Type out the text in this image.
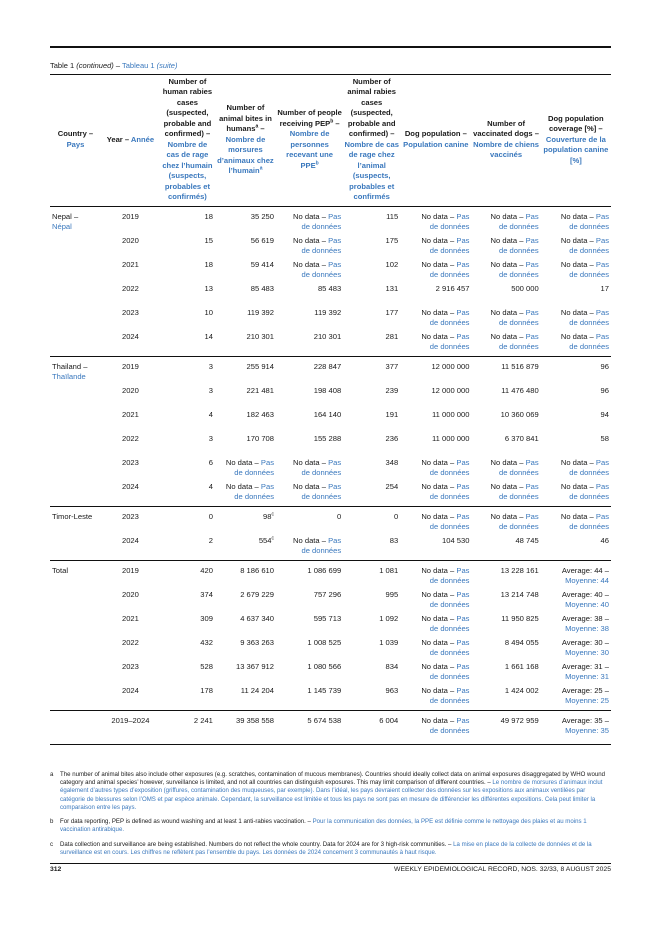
Table 1 (continued) – Tableau 1 (suite)
Country –
Pays	Year – Année	Number of human rabies cases (suspected, probable and confirmed) – Nombre de cas de rage chez l’humain (suspects, probables et confirmés)	Number of animal bites in humans$^a$ – Nombre de morsures d’animaux chez l’humain$^a$	Number of people receiving PEP$^b$ – Nombre de personnes recevant une PPE$^b$	Number of animal rabies cases (suspected, probable and confirmed) – Nombre de cas de rage chez l’animal (suspects, probables et confirmés	Dog population – Population canine	Number of vaccinated dogs – Nombre de chiens vaccinés	Dog population coverage [%] – Couverture de la population canine [%]
Nepal – Népal	2019	18	35 250	No data – Pas
de données	115	No data – Pas
de données	No data – Pas
de données	No data – Pas
de données
	2020	15	56 619	No data – Pas
de données	175	No data – Pas
de données	No data – Pas
de données	No data – Pas
de données
	2021	18	59 414	No data – Pas
de données	102	No data – Pas
de données	No data – Pas
de données	No data – Pas
de données
	2022	13	85 483	85 483	131	2 916 457	500 000	17
	2023	10	119 392	119 392	177	No data – Pas
de données	No data – Pas
de données	No data – Pas
de données
	2024	14	210 301	210 301	281	No data – Pas
de données	No data – Pas
de données	No data – Pas
de données
Thailand – Thaïlande	2019	3	255 914	228 847	377	12 000 000	11 516 879	96
	2020	3	221 481	198 408	239	12 000 000	11 476 480	96
	2021	4	182 463	164 140	191	11 000 000	10 360 069	94
	2022	3	170 708	155 288	236	11 000 000	6 370 841	58
	2023	6	No data – Pas
de données	No data – Pas
de données	348	No data – Pas
de données	No data – Pas
de données	No data – Pas
de données
	2024	4	No data – Pas
de données	No data – Pas
de données	254	No data – Pas
de données	No data – Pas
de données	No data – Pas
de données
Timor-Leste	2023	0	98$^c$	0	0	No data – Pas
de données	No data – Pas
de données	No data – Pas
de données
	2024	2	554$^c$	No data – Pas
de données	83	104 530	48 745	46
Total	2019	420	8 186 610	1 086 699	1 081	No data – Pas
de données	13 228 161	Average: 44 –
Moyenne: 44
	2020	374	2 679 229	757 296	995	No data – Pas
de données	13 214 748	Average: 40 –
Moyenne: 40
	2021	309	4 637 340	595 713	1 092	No data – Pas
de données	11 950 825	Average: 38 –
Moyenne: 38
	2022	432	9 363 263	1 008 525	1 039	No data – Pas
de données	8 494 055	Average: 30 –
Moyenne: 30
	2023	528	13 367 912	1 080 566	834	No data – Pas
de données	1 661 168	Average: 31 –
Moyenne: 31
	2024	178	11 24 204	1 145 739	963	No data – Pas
de données	1 424 002	Average: 25 –
Moyenne: 25
	2019–2024	2 241	39 358 558	5 674 538	6 004	No data – Pas
de données	49 972 959	Average: 35 –
Moyenne: 35
a	The number of animal bites also include other exposures (e.g. scratches, contamination of mucous membranes). Countries should ideally collect data on animal exposures disaggregated by WHO wound category and animal species’ however, surveillance is limited, and not all countries can distinguish exposures. This may limit comparison of different countries. – Le nombre de morsures d’animaux inclut également d’autres types d’exposition (griffures, contamination des muqueuses, par exemple). Dans l’idéal, les pays devraient collecter des données sur les expositions aux animaux ventilées par catégorie de blessures selon l’OMS et par espèce animale. Cependant, la surveillance est limitée et tous les pays ne sont pas en mesure de différencier les différentes expositions. Cela peut limiter la comparaison entre les pays.
b	For data reporting, PEP is defined as wound washing and at least 1 anti-rabies vaccination. – Pour la communication des données, la PPE est définie comme le nettoyage des plaies et au moins 1 vaccination antirabique.
c	Data collection and surveillance are being established. Numbers do not reflect the whole country. Data for 2024 are for 3 high-risk communities. – La mise en place de la collecte de données et de la surveillance est en cours. Les chiffres ne reflètent pas l’ensemble du pays. Les données de 2024 concernent 3 communautés à haut risque.
312	WEEKLY EPIDEMIOLOGICAL RECORD, NOS. 32/33, 8 AUGUST 2025
